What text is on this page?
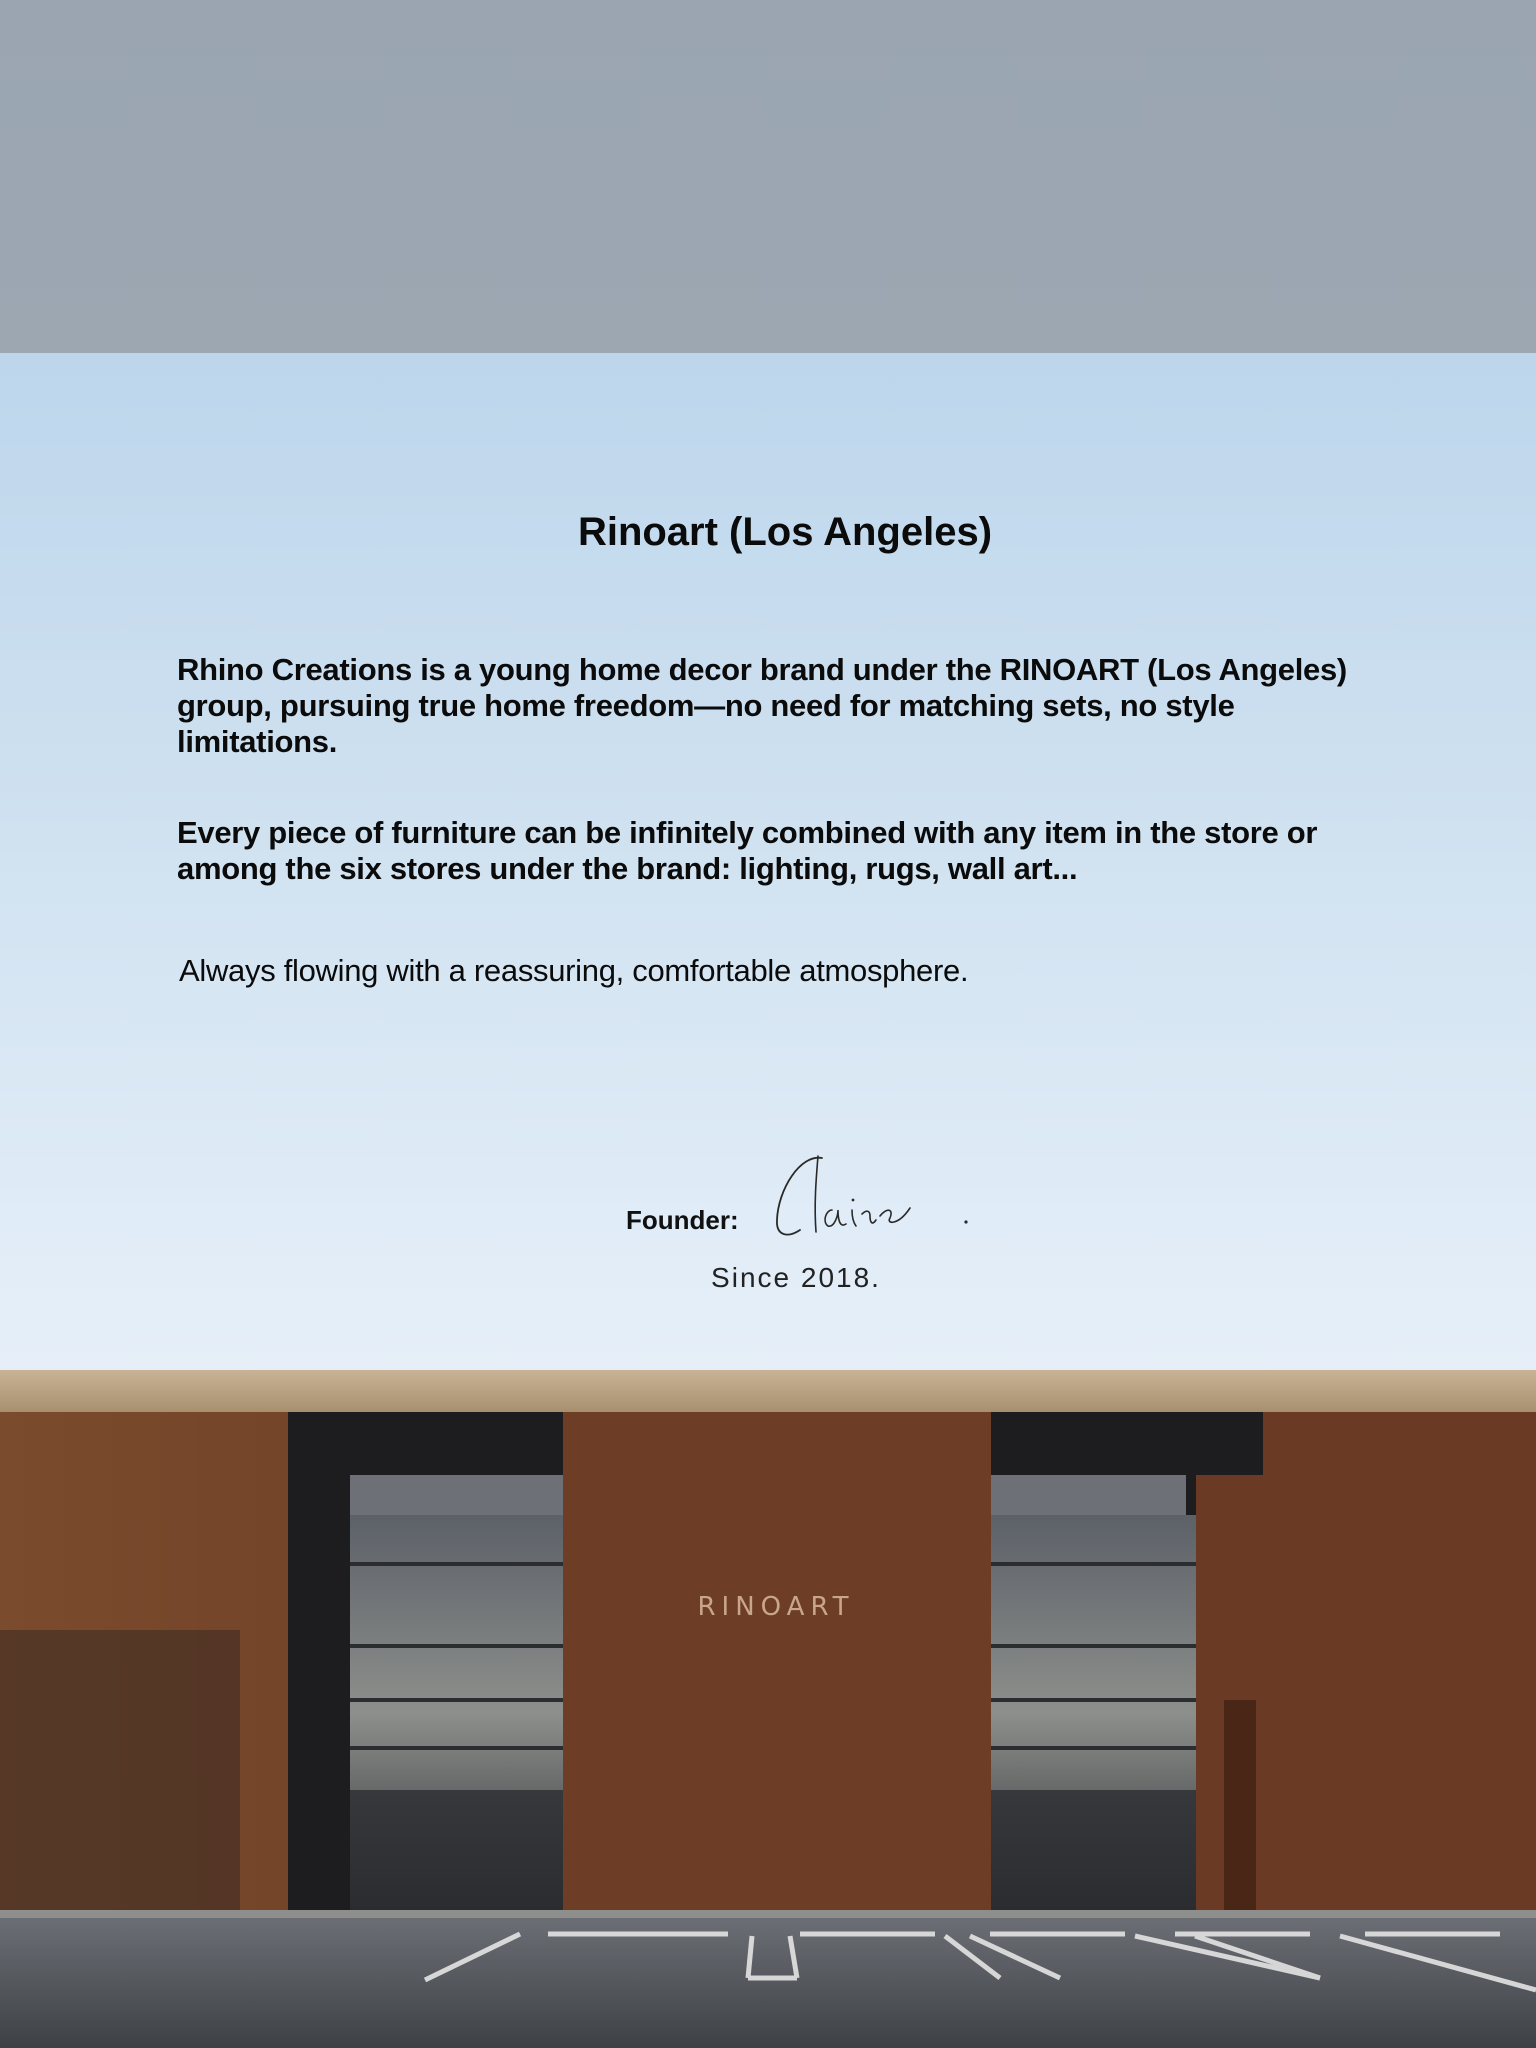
Rinoart (Los Angeles)

Rhino Creations is a young home decor brand under the RINOART (Los Angeles) group, pursuing true home freedom—no need for matching sets, no style limitations.

Every piece of furniture can be infinitely combined with any item in the store or among the six stores under the brand: lighting, rugs, wall art...

Always flowing with a reassuring, comfortable atmosphere.

Founder:
Since 2018.
RINOART
